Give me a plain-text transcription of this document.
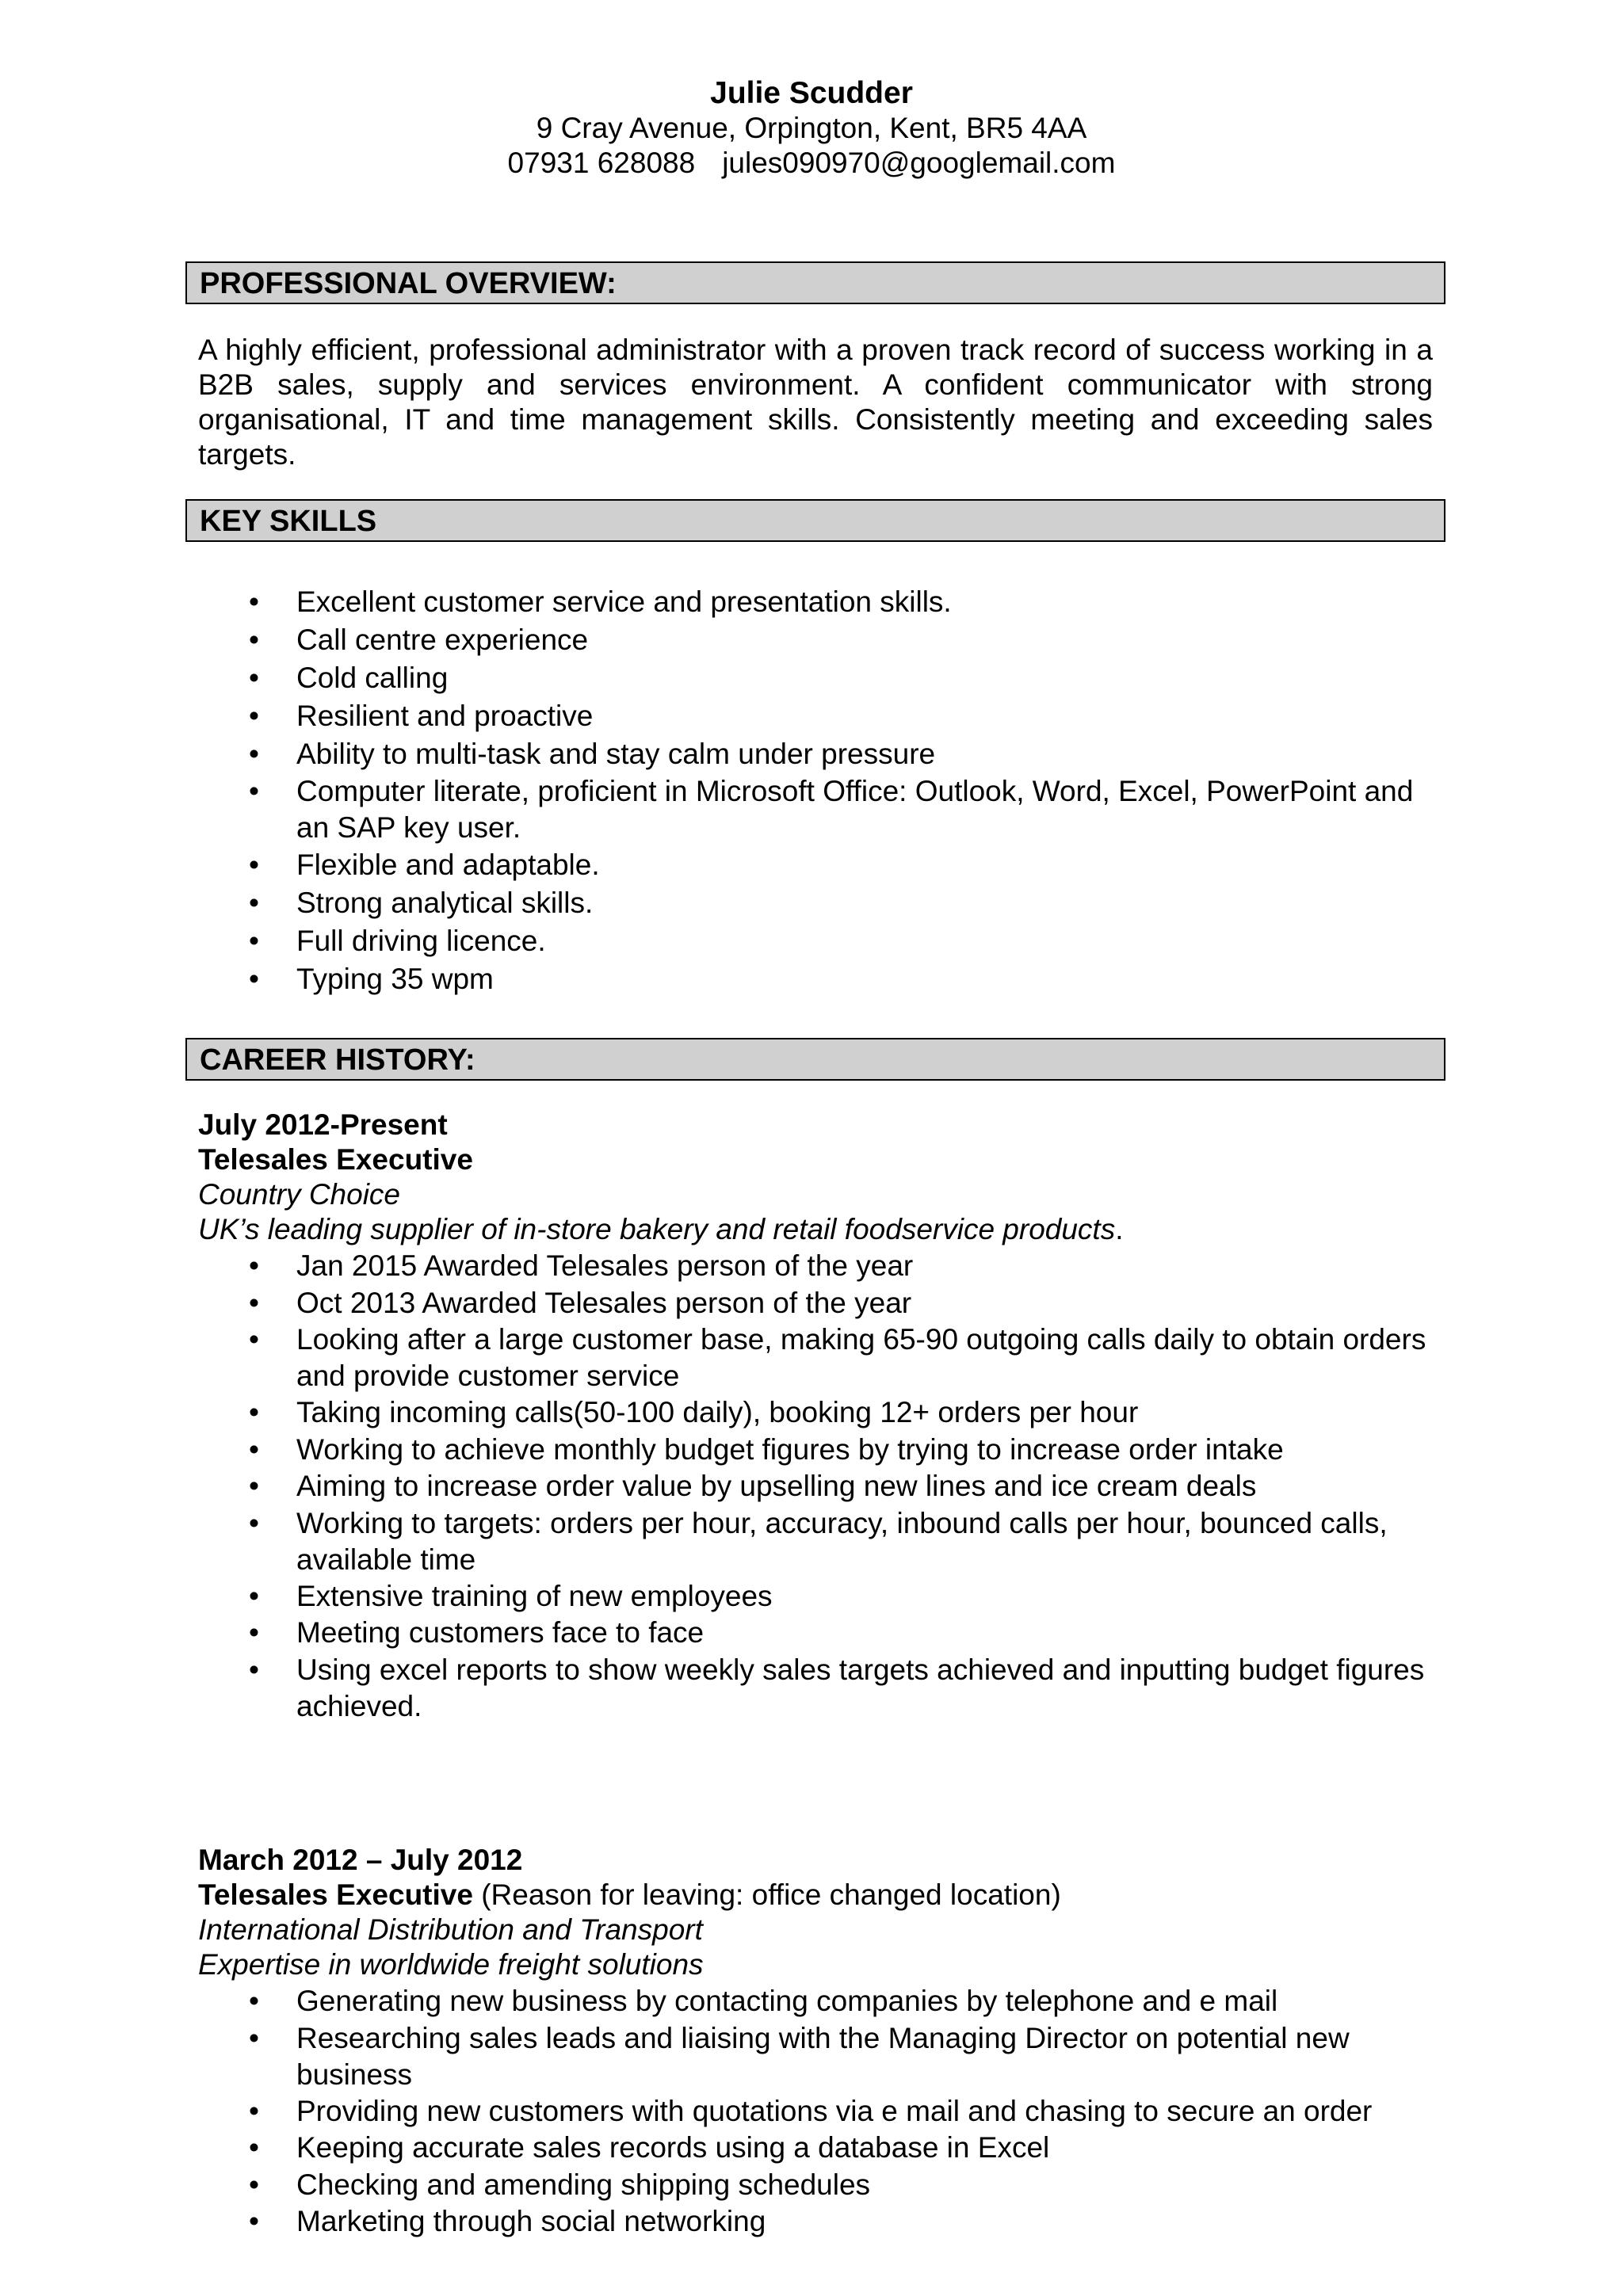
Julie Scudder
9 Cray Avenue, Orpington, Kent, BR5 4AA
07931 628088 jules090970@googlemail.com
PROFESSIONAL OVERVIEW:
A highly efficient, professional administrator with a proven track record of success working in a B2B sales, supply and services environment. A confident communicator with strong organisational, IT and time management skills. Consistently meeting and exceeding sales targets.
KEY SKILLS
• Excellent customer service and presentation skills.
• Call centre experience
• Cold calling
• Resilient and proactive
• Ability to multi-task and stay calm under pressure
• Computer literate, proficient in Microsoft Office: Outlook, Word, Excel, PowerPoint and an SAP key user.
• Flexible and adaptable.
• Strong analytical skills.
• Full driving licence.
• Typing 35 wpm
CAREER HISTORY:
July 2012-Present
Telesales Executive
Country Choice
UK’s leading supplier of in-store bakery and retail foodservice products.
• Jan 2015 Awarded Telesales person of the year
• Oct 2013 Awarded Telesales person of the year
• Looking after a large customer base, making 65-90 outgoing calls daily to obtain orders and provide customer service
• Taking incoming calls(50-100 daily), booking 12+ orders per hour
• Working to achieve monthly budget figures by trying to increase order intake
• Aiming to increase order value by upselling new lines and ice cream deals
• Working to targets: orders per hour, accuracy, inbound calls per hour, bounced calls, available time
• Extensive training of new employees
• Meeting customers face to face
• Using excel reports to show weekly sales targets achieved and inputting budget figures achieved.
March 2012 – July 2012
Telesales Executive (Reason for leaving: office changed location)
International Distribution and Transport
Expertise in worldwide freight solutions
• Generating new business by contacting companies by telephone and e mail
• Researching sales leads and liaising with the Managing Director on potential new business
• Providing new customers with quotations via e mail and chasing to secure an order
• Keeping accurate sales records using a database in Excel
• Checking and amending shipping schedules
• Marketing through social networking
